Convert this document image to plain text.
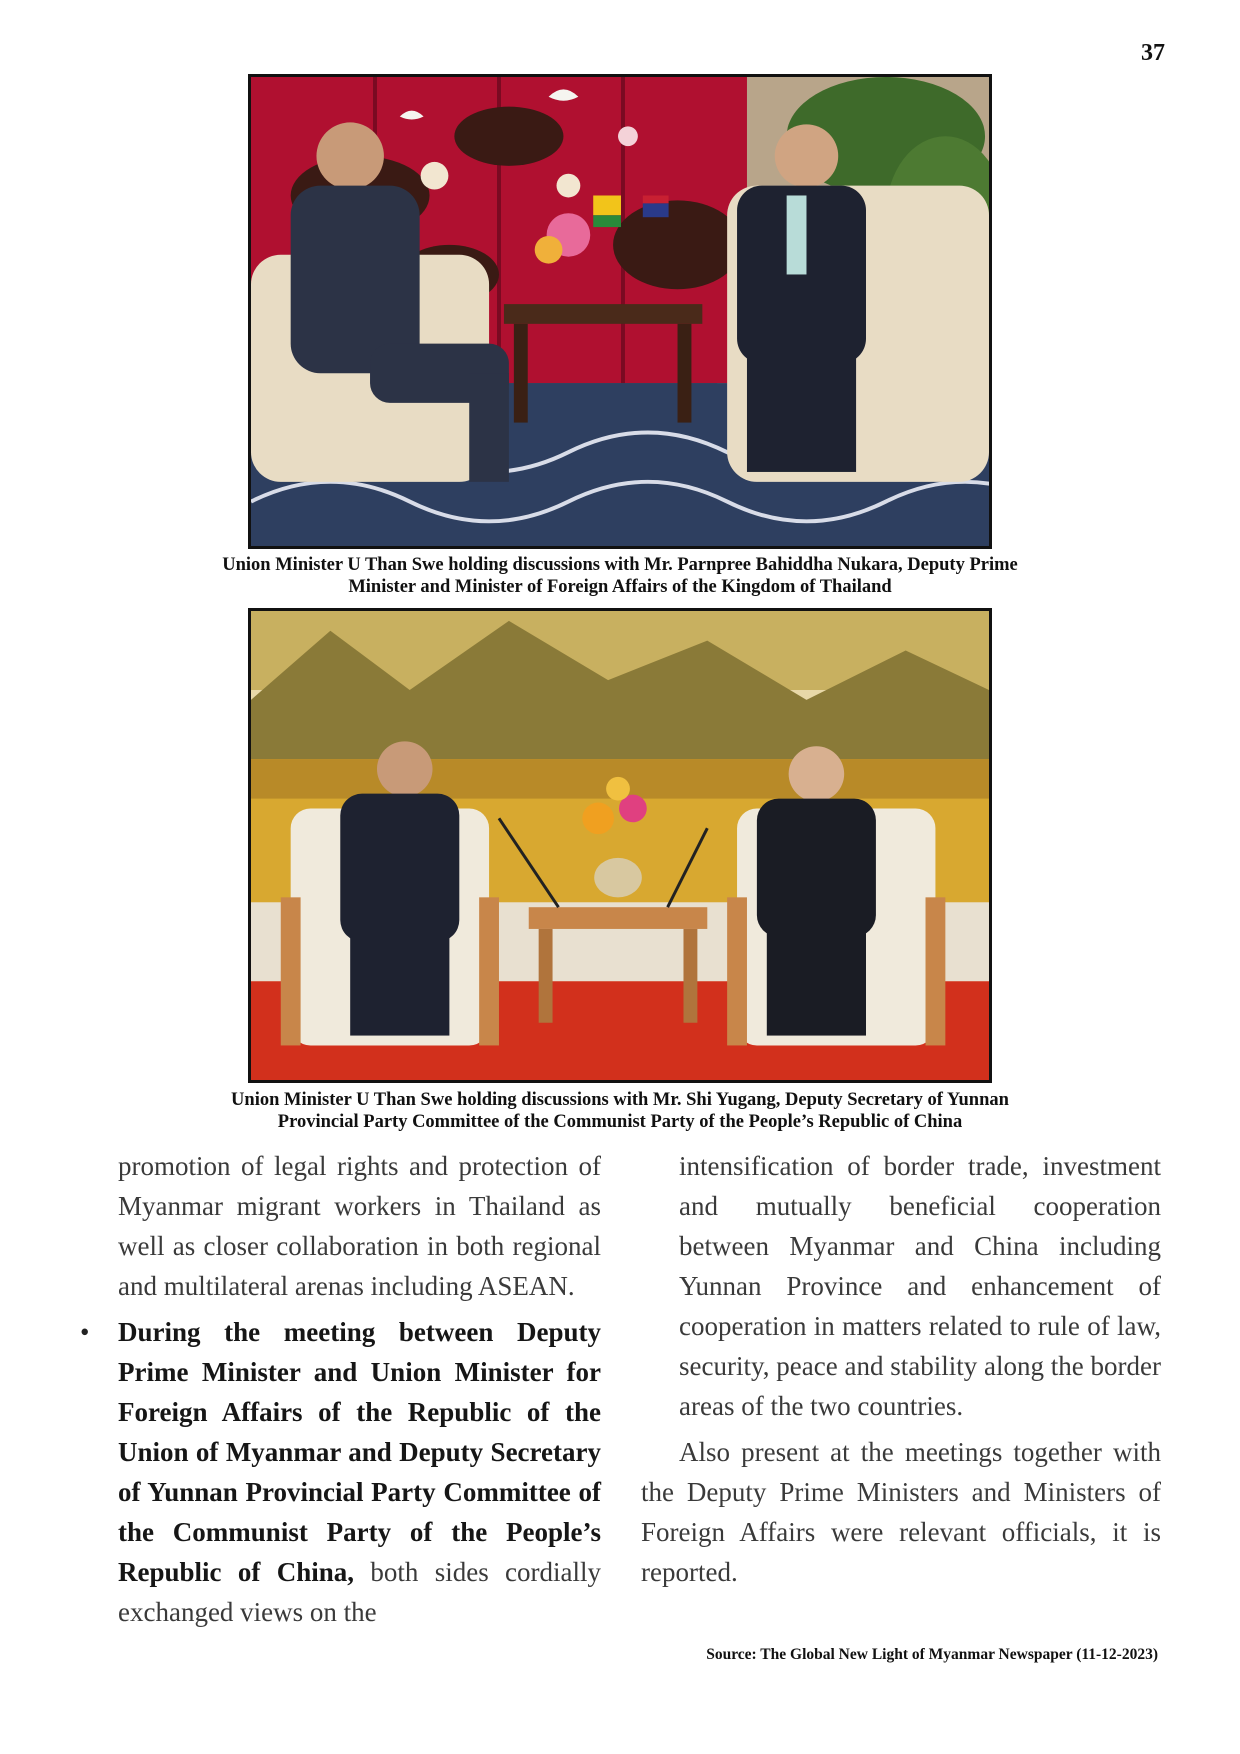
37
Union Minister U Than Swe holding discussions with Mr. Parnpree Bahiddha Nukara, Deputy Prime
Minister and Minister of Foreign Affairs of the Kingdom of Thailand
Union Minister U Than Swe holding discussions with Mr. Shi Yugang, Deputy Secretary of Yunnan
Provincial Party Committee of the Communist Party of the People’s Republic of China

promotion of legal rights and protection of Myanmar migrant workers in Thailand as well as closer collaboration in both regional and multilateral arenas including ASEAN.

• During the meeting between Deputy Prime Minister and Union Minister for Foreign Affairs of the Republic of the Union of Myanmar and Deputy Secretary of Yunnan Provincial Party Committee of the Communist Party of the People’s Republic of China, both sides cordially exchanged views on the

intensification of border trade, investment and mutually beneficial cooperation between Myanmar and China including Yunnan Province and enhancement of cooperation in matters related to rule of law, security, peace and stability along the border areas of the two countries.

Also present at the meetings together with the Deputy Prime Ministers and Ministers of Foreign Affairs were relevant officials, it is reported.

Source: The Global New Light of Myanmar Newspaper (11-12-2023)
